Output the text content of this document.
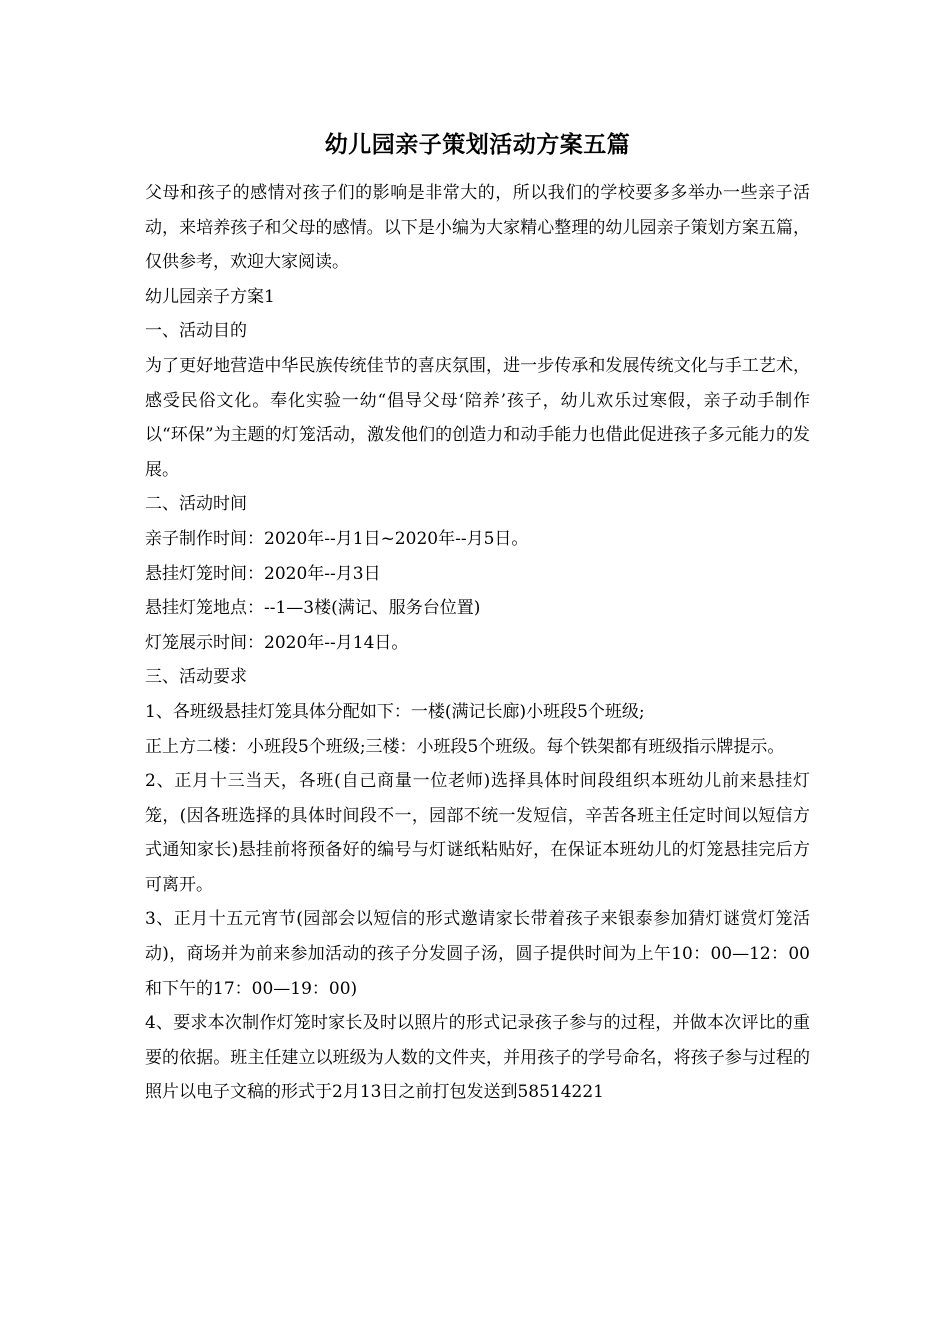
幼儿园亲子策划活动方案五篇

父母和孩子的感情对孩子们的影响是非常大的，所以我们的学校要多多举办一些亲子活动，来培养孩子和父母的感情。以下是小编为大家精心整理的幼儿园亲子策划方案五篇，仅供参考，欢迎大家阅读。

幼儿园亲子方案1

一、活动目的

为了更好地营造中华民族传统佳节的喜庆氛围，进一步传承和发展传统文化与手工艺术，感受民俗文化。奉化实验一幼“倡导父母‘陪养’孩子，幼儿欢乐过寒假，亲子动手制作以“环保”为主题的灯笼活动，激发他们的创造力和动手能力也借此促进孩子多元能力的发展。

二、活动时间

亲子制作时间：2020年--月1日~2020年--月5日。

悬挂灯笼时间：2020年--月3日

悬挂灯笼地点：--1—3楼(满记、服务台位置)

灯笼展示时间：2020年--月14日。

三、活动要求

1、各班级悬挂灯笼具体分配如下：一楼(满记长廊)小班段5个班级;

正上方二楼：小班段5个班级;三楼：小班段5个班级。每个铁架都有班级指示牌提示。

2、正月十三当天，各班(自己商量一位老师)选择具体时间段组织本班幼儿前来悬挂灯笼，(因各班选择的具体时间段不一，园部不统一发短信，辛苦各班主任定时间以短信方式通知家长)悬挂前将预备好的编号与灯谜纸粘贴好，在保证本班幼儿的灯笼悬挂完后方可离开。

3、正月十五元宵节(园部会以短信的形式邀请家长带着孩子来银泰参加猜灯谜赏灯笼活动)，商场并为前来参加活动的孩子分发圆子汤，圆子提供时间为上午10：00—12：00和下午的17：00—19：00)

4、要求本次制作灯笼时家长及时以照片的形式记录孩子参与的过程，并做本次评比的重要的依据。班主任建立以班级为人数的文件夹，并用孩子的学号命名，将孩子参与过程的照片以电子文稿的形式于2月13日之前打包发送到58514221
